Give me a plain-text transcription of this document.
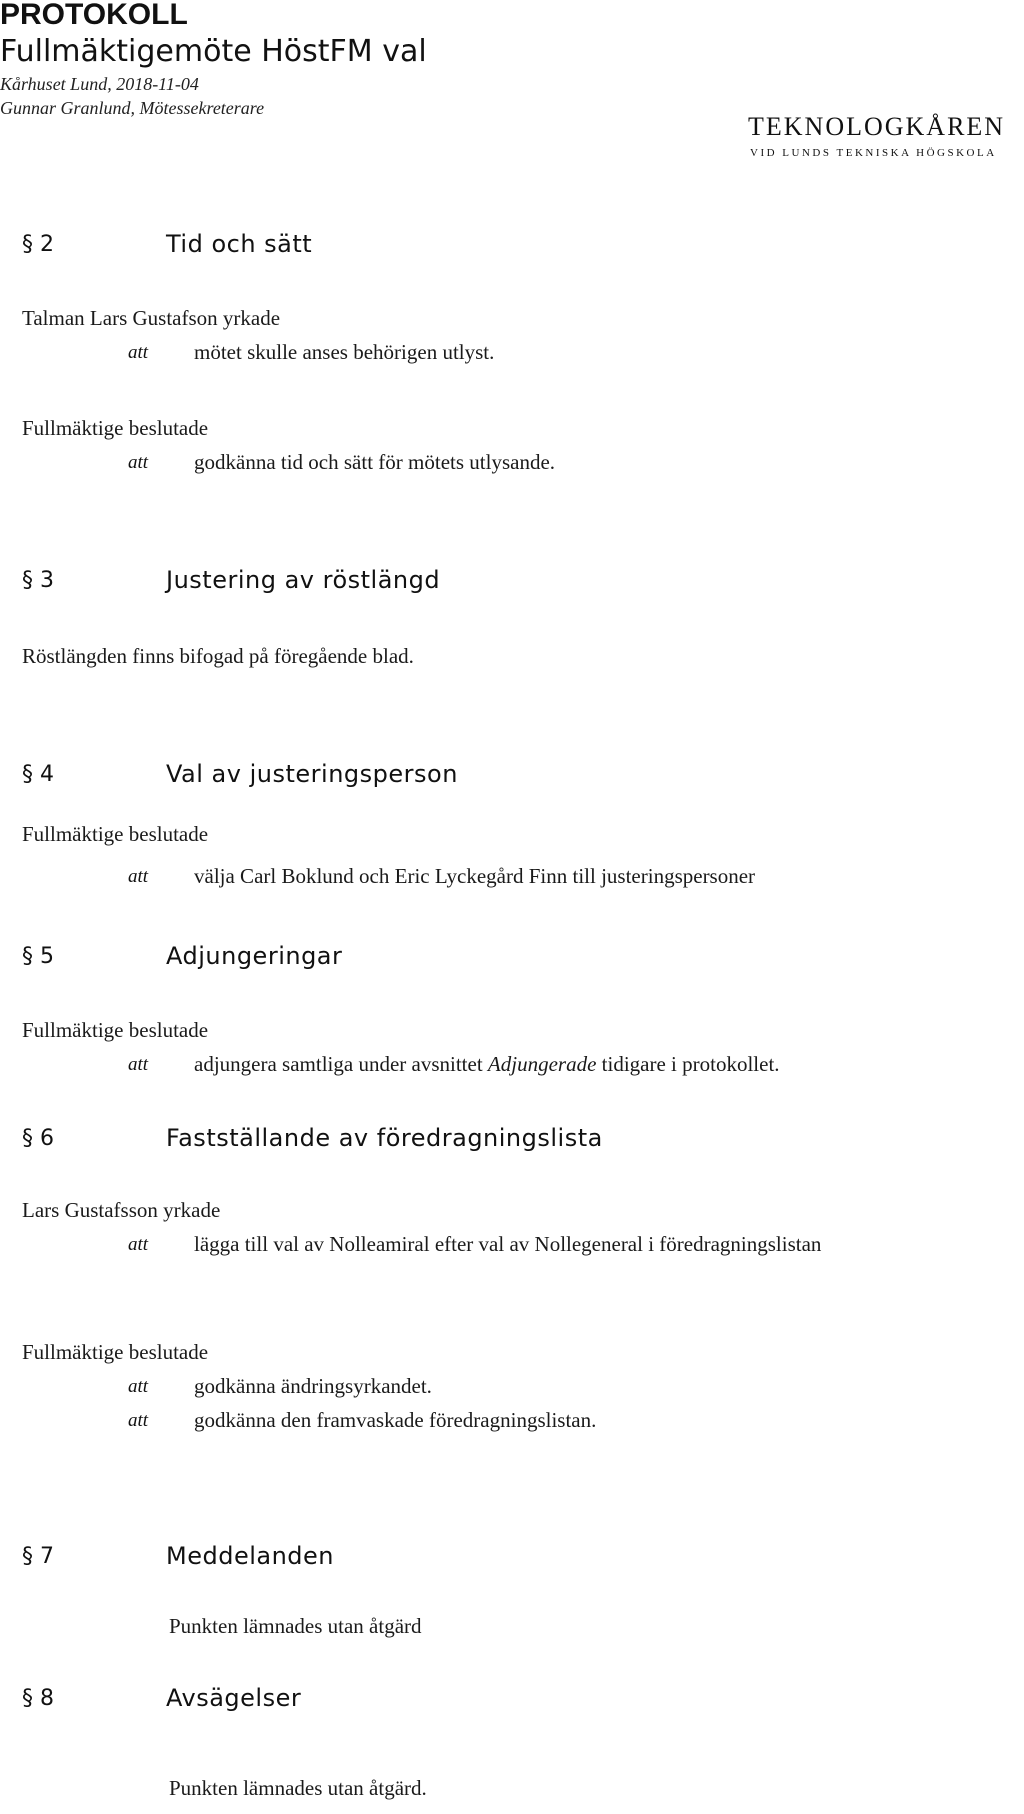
PROTOKOLL
Fullmäktigemöte HöstFM val
Kårhuset Lund, 2018-11-04
Gunnar Granlund, Mötessekreterare
TEKNOLOGKÅREN
VID LUNDS TEKNISKA HÖGSKOLA
§ 2	Tid och sätt
Talman Lars Gustafson yrkade
att mötet skulle anses behörigen utlyst.
Fullmäktige beslutade
att godkänna tid och sätt för mötets utlysande.
§ 3	Justering av röstlängd
Röstlängden finns bifogad på föregående blad.
§ 4	Val av justeringsperson
Fullmäktige beslutade
att välja Carl Boklund och Eric Lyckegård Finn till justeringspersoner
§ 5	Adjungeringar
Fullmäktige beslutade
att adjungera samtliga under avsnittet Adjungerade tidigare i protokollet.
§ 6	Fastställande av föredragningslista
Lars Gustafsson yrkade
att lägga till val av Nolleamiral efter val av Nollegeneral i föredragningslistan
Fullmäktige beslutade
att godkänna ändringsyrkandet.
att godkänna den framvaskade föredragningslistan.
§ 7	Meddelanden
Punkten lämnades utan åtgärd
§ 8	Avsägelser
Punkten lämnades utan åtgärd.
